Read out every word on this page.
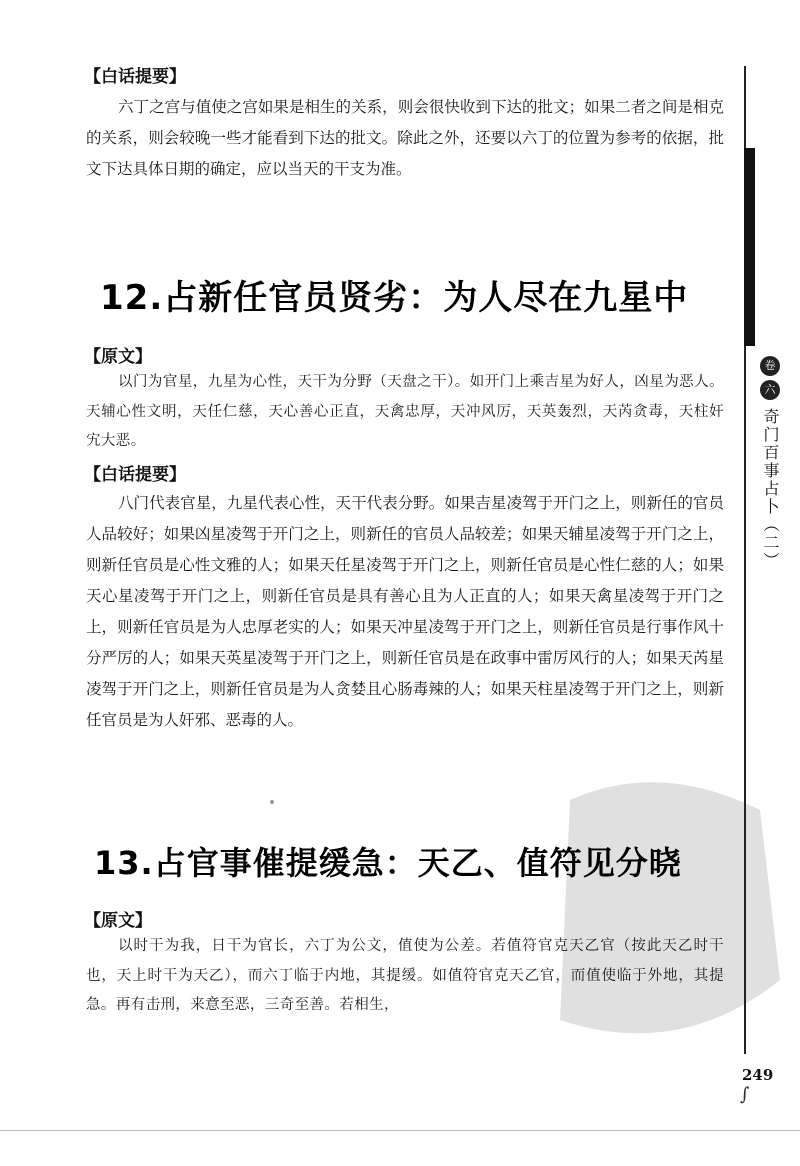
【白话提要】
六丁之宫与值使之宫如果是相生的关系，则会很快收到下达的批文；如果二者之间是相克的关系，则会较晚一些才能看到下达的批文。除此之外，还要以六丁的位置为参考的依据，批文下达具体日期的确定，应以当天的干支为准。
12.占新任官员贤劣：为人尽在九星中
【原文】
以门为官星，九星为心性，天干为分野（天盘之干）。如开门上乘吉星为好人，凶星为恶人。天辅心性文明，天任仁慈，天心善心正直，天禽忠厚，天冲风厉，天英轰烈，天芮贪毒，天柱奸宄大恶。
【白话提要】
八门代表官星，九星代表心性，天干代表分野。如果吉星凌驾于开门之上，则新任的官员人品较好；如果凶星凌驾于开门之上，则新任的官员人品较差；如果天辅星凌驾于开门之上，则新任官员是心性文雅的人；如果天任星凌驾于开门之上，则新任官员是心性仁慈的人；如果天心星凌驾于开门之上，则新任官员是具有善心且为人正直的人；如果天禽星凌驾于开门之上，则新任官员是为人忠厚老实的人；如果天冲星凌驾于开门之上，则新任官员是行事作风十分严厉的人；如果天英星凌驾于开门之上，则新任官员是在政事中雷厉风行的人；如果天芮星凌驾于开门之上，则新任官员是为人贪婪且心肠毒辣的人；如果天柱星凌驾于开门之上，则新任官员是为人奸邪、恶毒的人。
13.占官事催提缓急：天乙、值符见分晓
【原文】
以时干为我，日干为官长，六丁为公文，值使为公差。若值符官克天乙官（按此天乙时干也，天上时干为天乙），而六丁临于内地，其提缓。如值符官克天乙官，而值使临于外地，其提急。再有击刑，来意至恶，三奇至善。若相生，
卷
六
奇门百事占卜（二）
249
∫
